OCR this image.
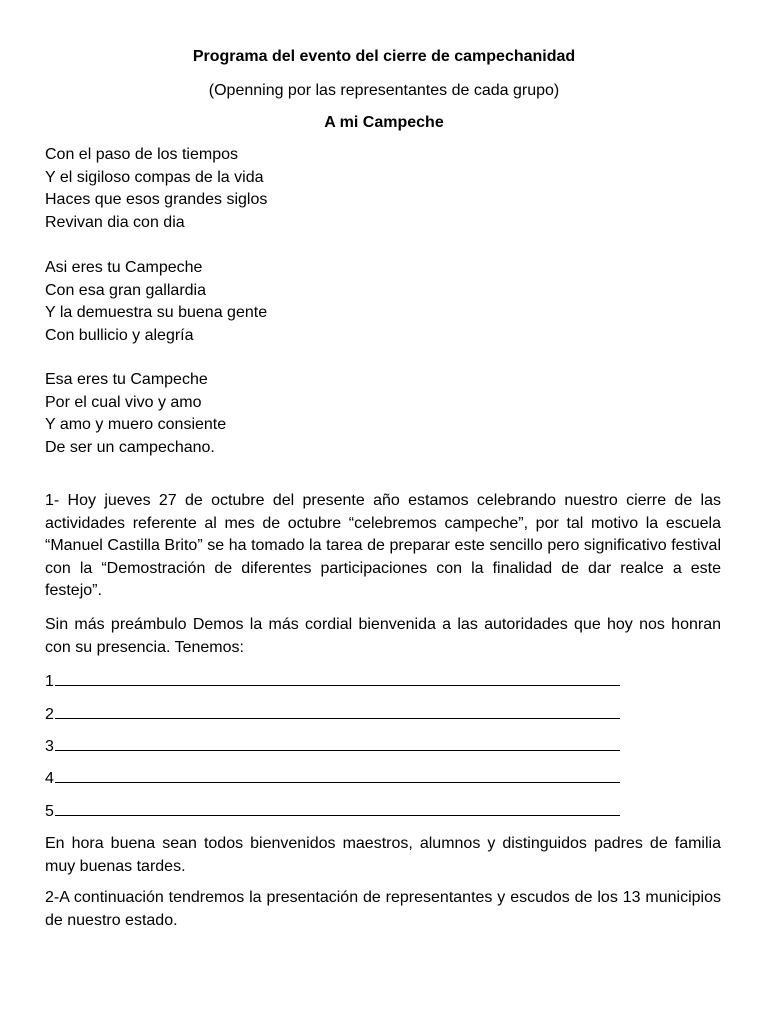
Programa del evento del cierre de campechanidad
(Openning por las representantes de cada grupo)
A mi Campeche
Con el paso de los tiempos
Y el sigiloso compas de la vida
Haces que esos grandes siglos
Revivan dia con dia
Asi eres tu Campeche
Con esa gran gallardia
Y la demuestra su buena gente
Con bullicio y alegría
Esa eres tu Campeche
Por el cual vivo y amo
Y amo y muero consiente
De ser un campechano.
1- Hoy jueves 27 de octubre del presente año estamos celebrando nuestro cierre de las actividades referente al mes de octubre “celebremos campeche”, por tal motivo la escuela “Manuel Castilla Brito” se ha tomado la tarea de preparar este sencillo pero significativo festival con la “Demostración de diferentes participaciones con la finalidad de dar realce a este festejo”.
Sin más preámbulo Demos la más cordial bienvenida a las autoridades que hoy nos honran con su presencia. Tenemos:
1
2
3
4
5
En hora buena sean todos bienvenidos maestros, alumnos y distinguidos padres de familia muy buenas tardes.
2-A continuación tendremos la presentación de representantes y escudos de los 13 municipios de nuestro estado.
